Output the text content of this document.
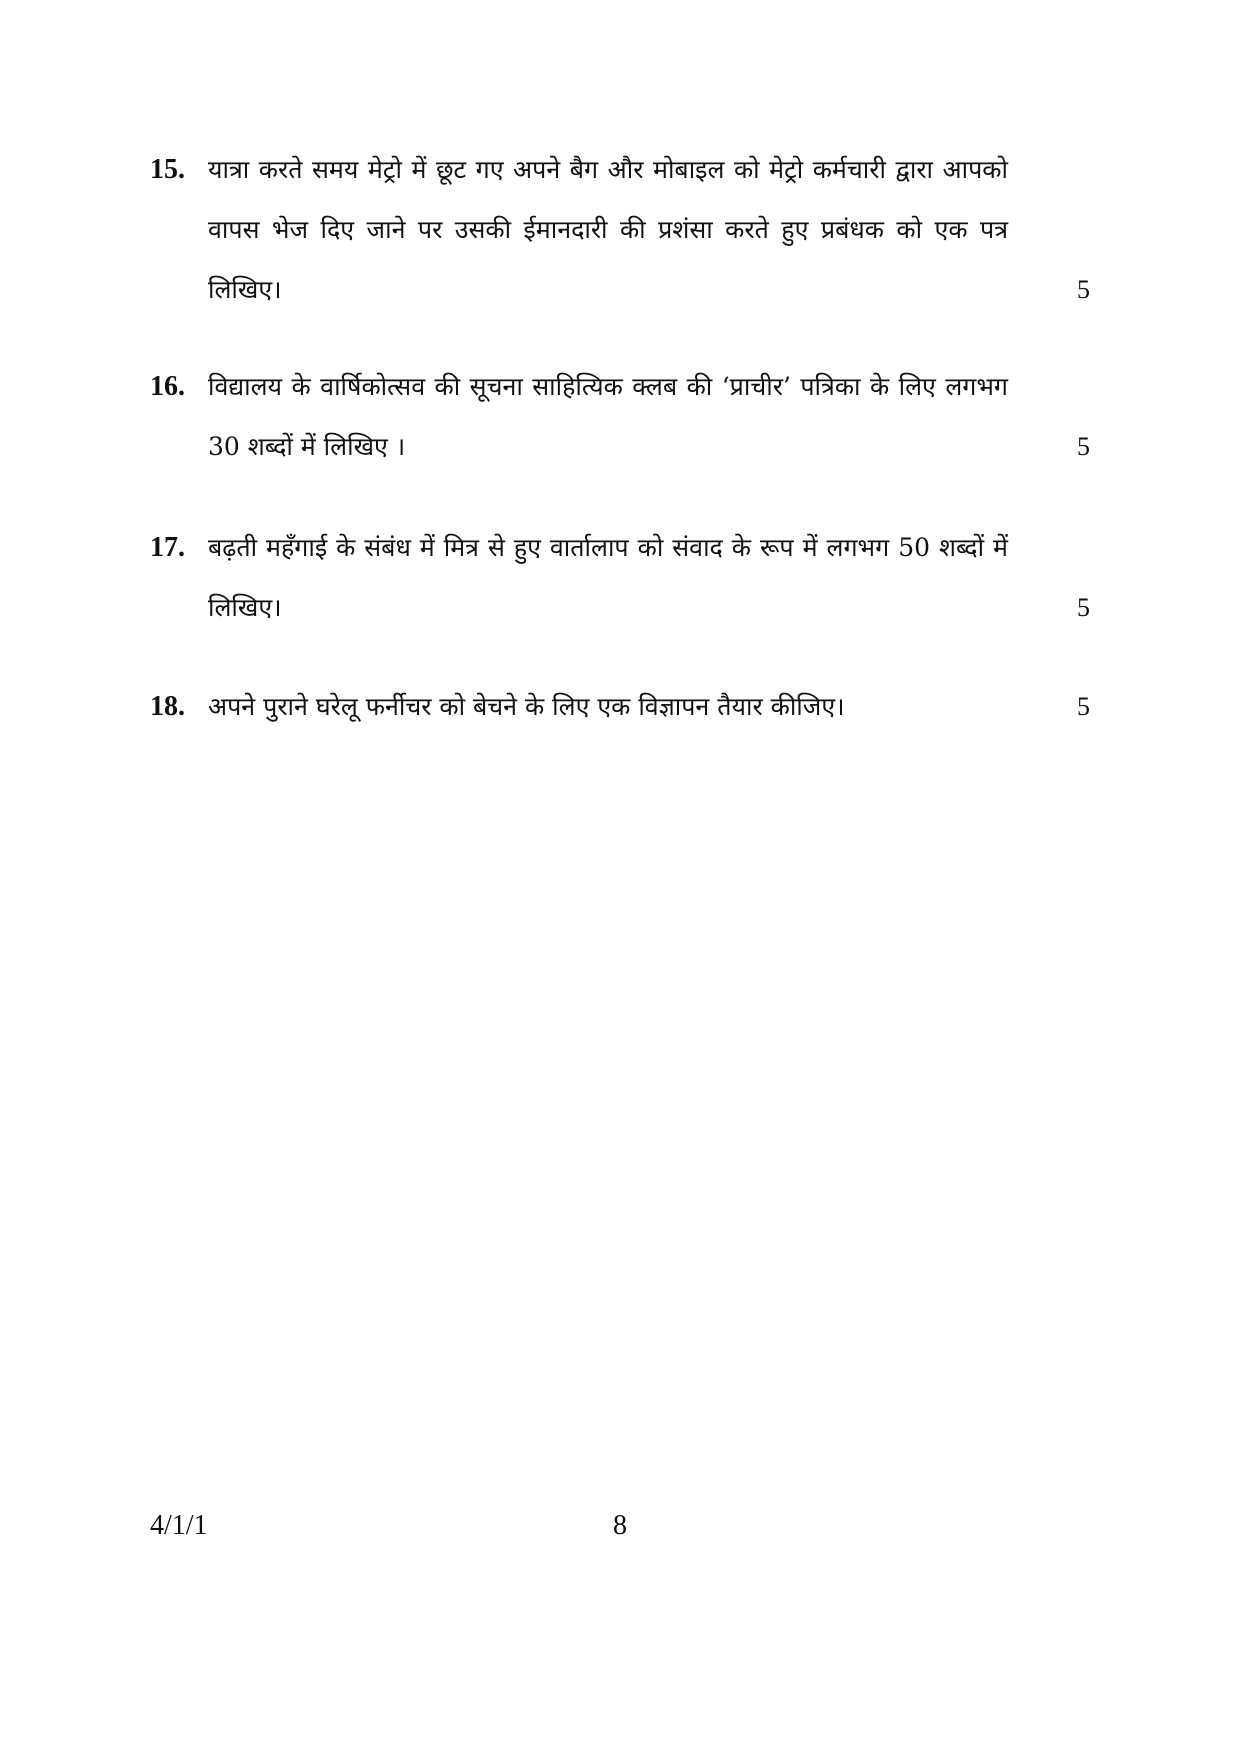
15. यात्रा करते समय मेट्रो में छूट गए अपने बैग और मोबाइल को मेट्रो कर्मचारी द्वारा आपको वापस भेज दिए जाने पर उसकी ईमानदारी की प्रशंसा करते हुए प्रबंधक को एक पत्र लिखिए।	5
16. विद्यालय के वार्षिकोत्सव की सूचना साहित्यिक क्लब की ‘प्राचीर’ पत्रिका के लिए लगभग 30 शब्दों में लिखिए ।	5
17. बढ़ती महँगाई के संबंध में मित्र से हुए वार्तालाप को संवाद के रूप में लगभग 50 शब्दों में लिखिए।	5
18. अपने पुराने घरेलू फर्नीचर को बेचने के लिए एक विज्ञापन तैयार कीजिए।	5
4/1/1	8
